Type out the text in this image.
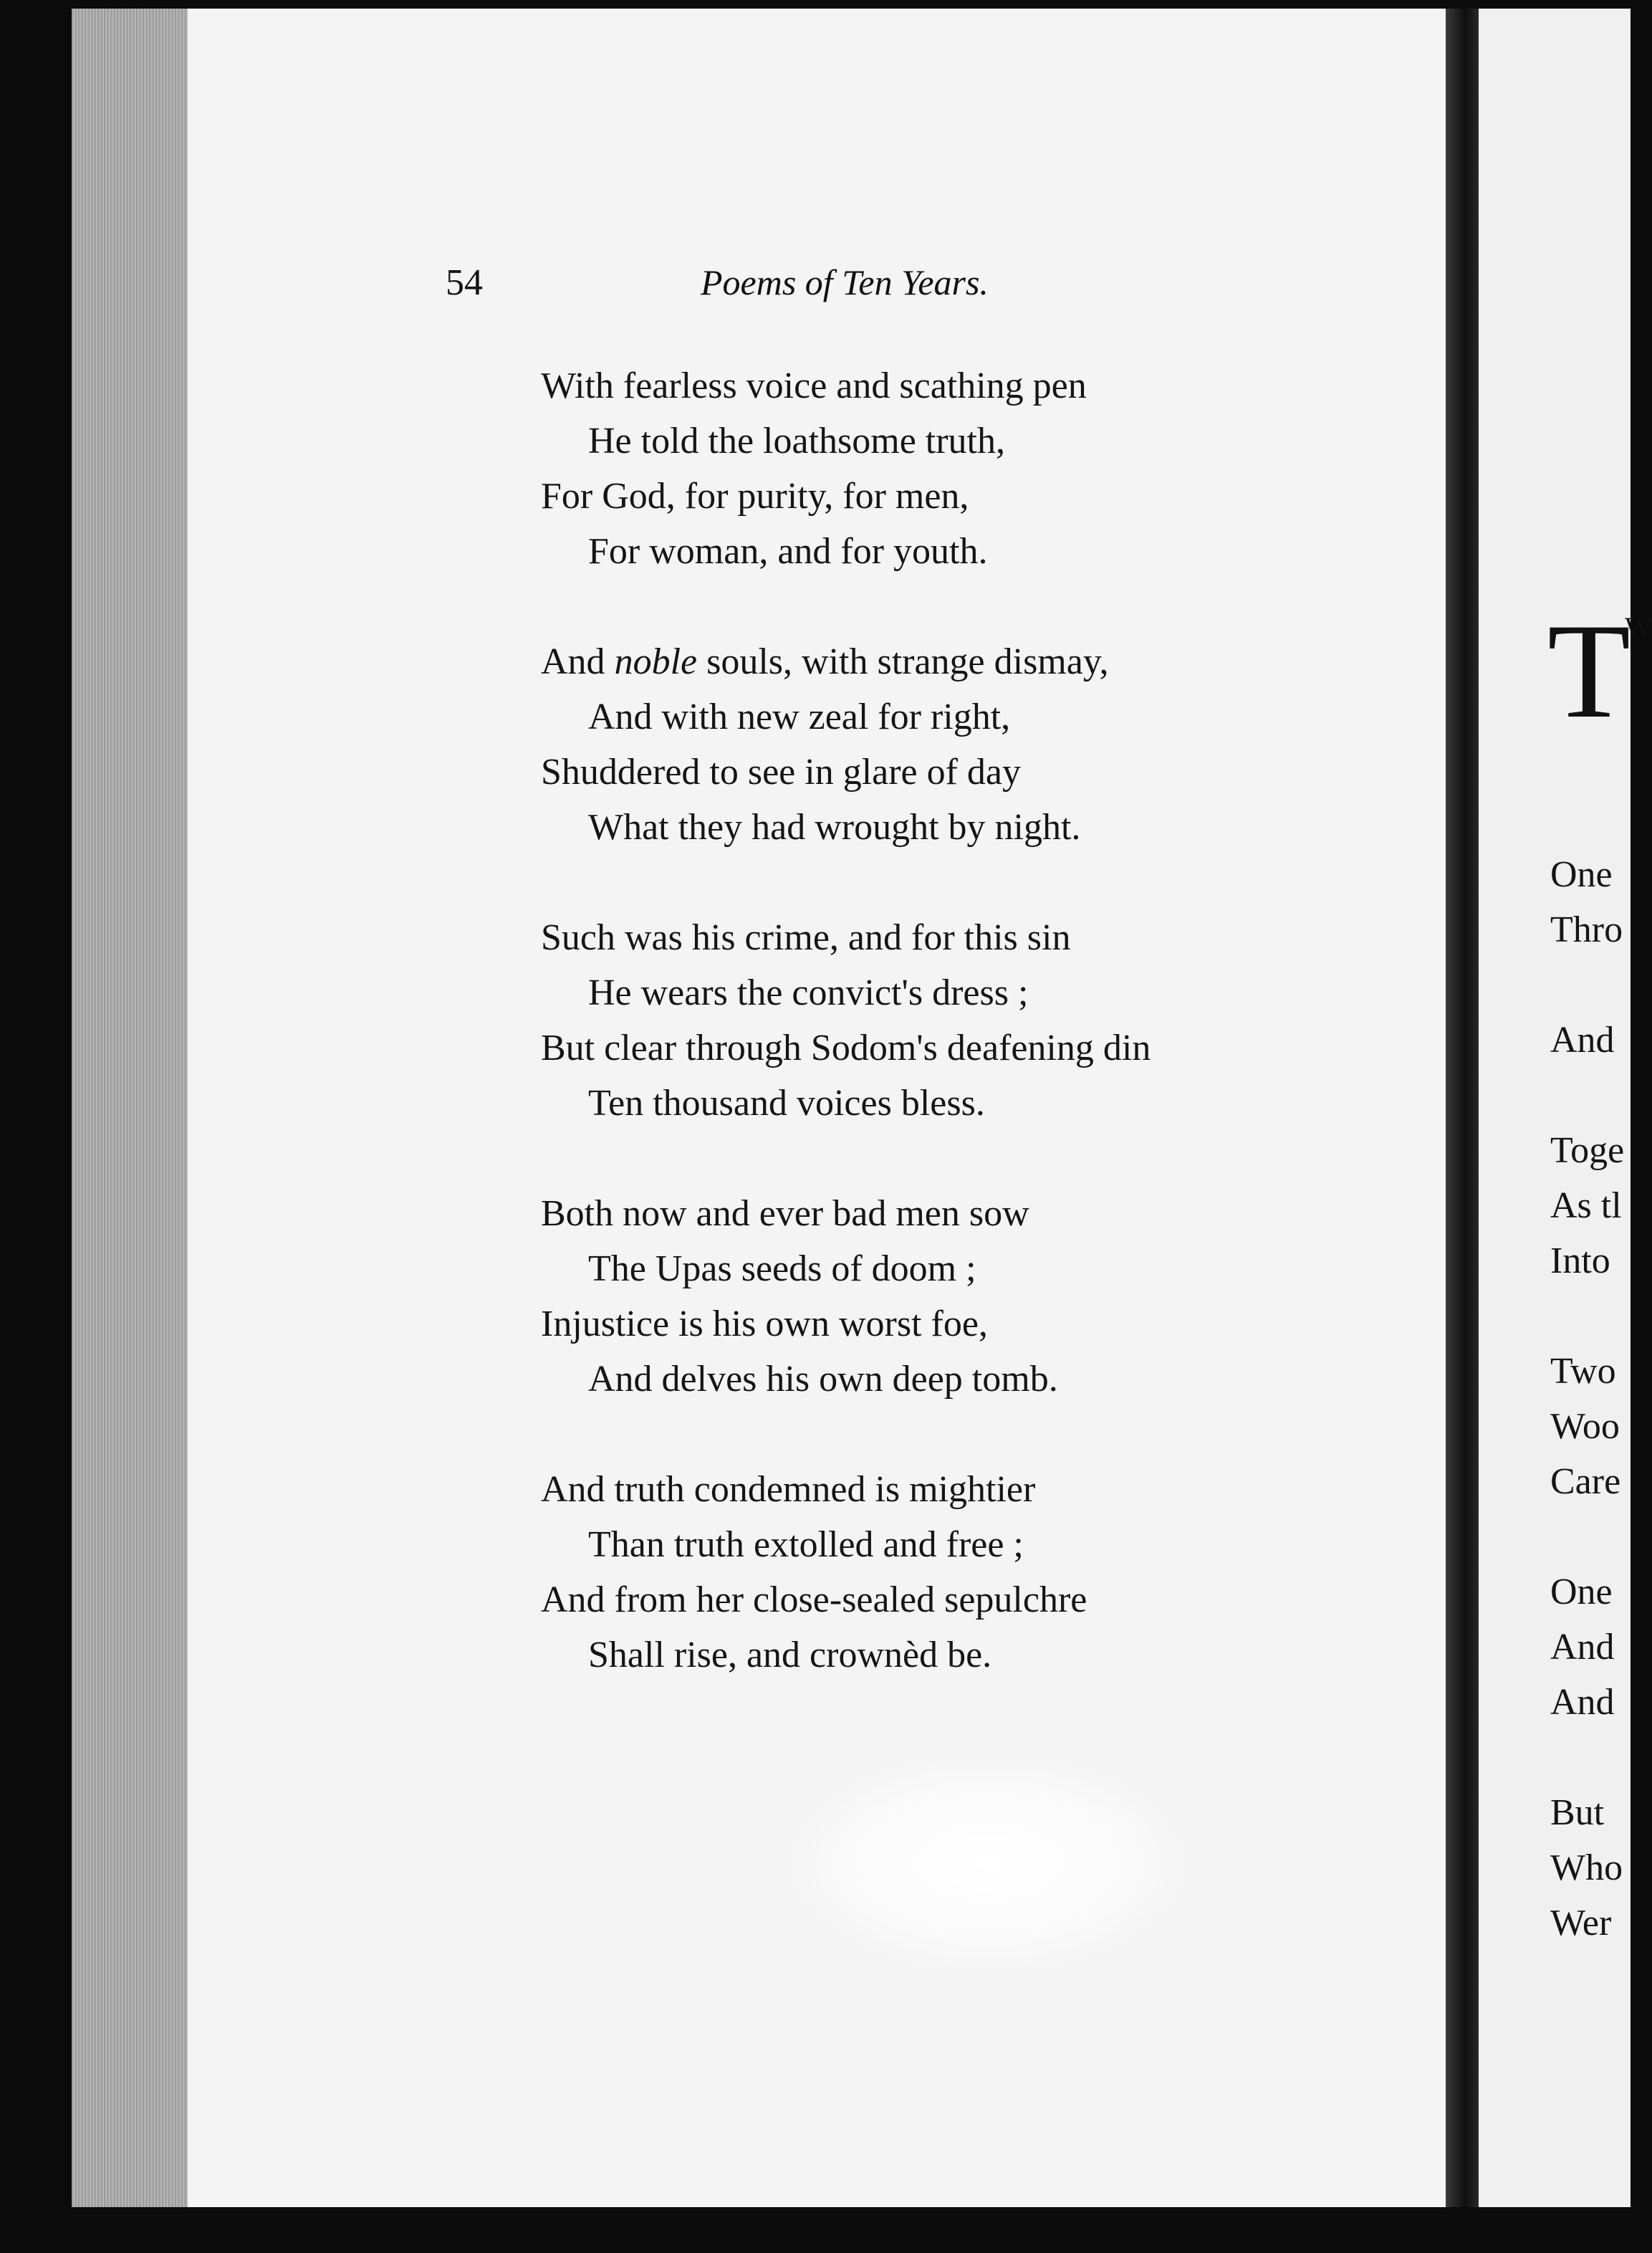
T
W
One
Thro
And
Toge
As tl
Into
Two
Woo
Care
One
And
And
But
Who
Wer
54	Poems of Ten Years.
With fearless voice and scathing pen
He told the loathsome truth,
For God, for purity, for men,
For woman, and for youth.
And noble souls, with strange dismay,
And with new zeal for right,
Shuddered to see in glare of day
What they had wrought by night.
Such was his crime, and for this sin
He wears the convict's dress ;
But clear through Sodom's deafening din
Ten thousand voices bless.
Both now and ever bad men sow
The Upas seeds of doom ;
Injustice is his own worst foe,
And delves his own deep tomb.
And truth condemned is mightier
Than truth extolled and free ;
And from her close-sealed sepulchre
Shall rise, and crownèd be.
